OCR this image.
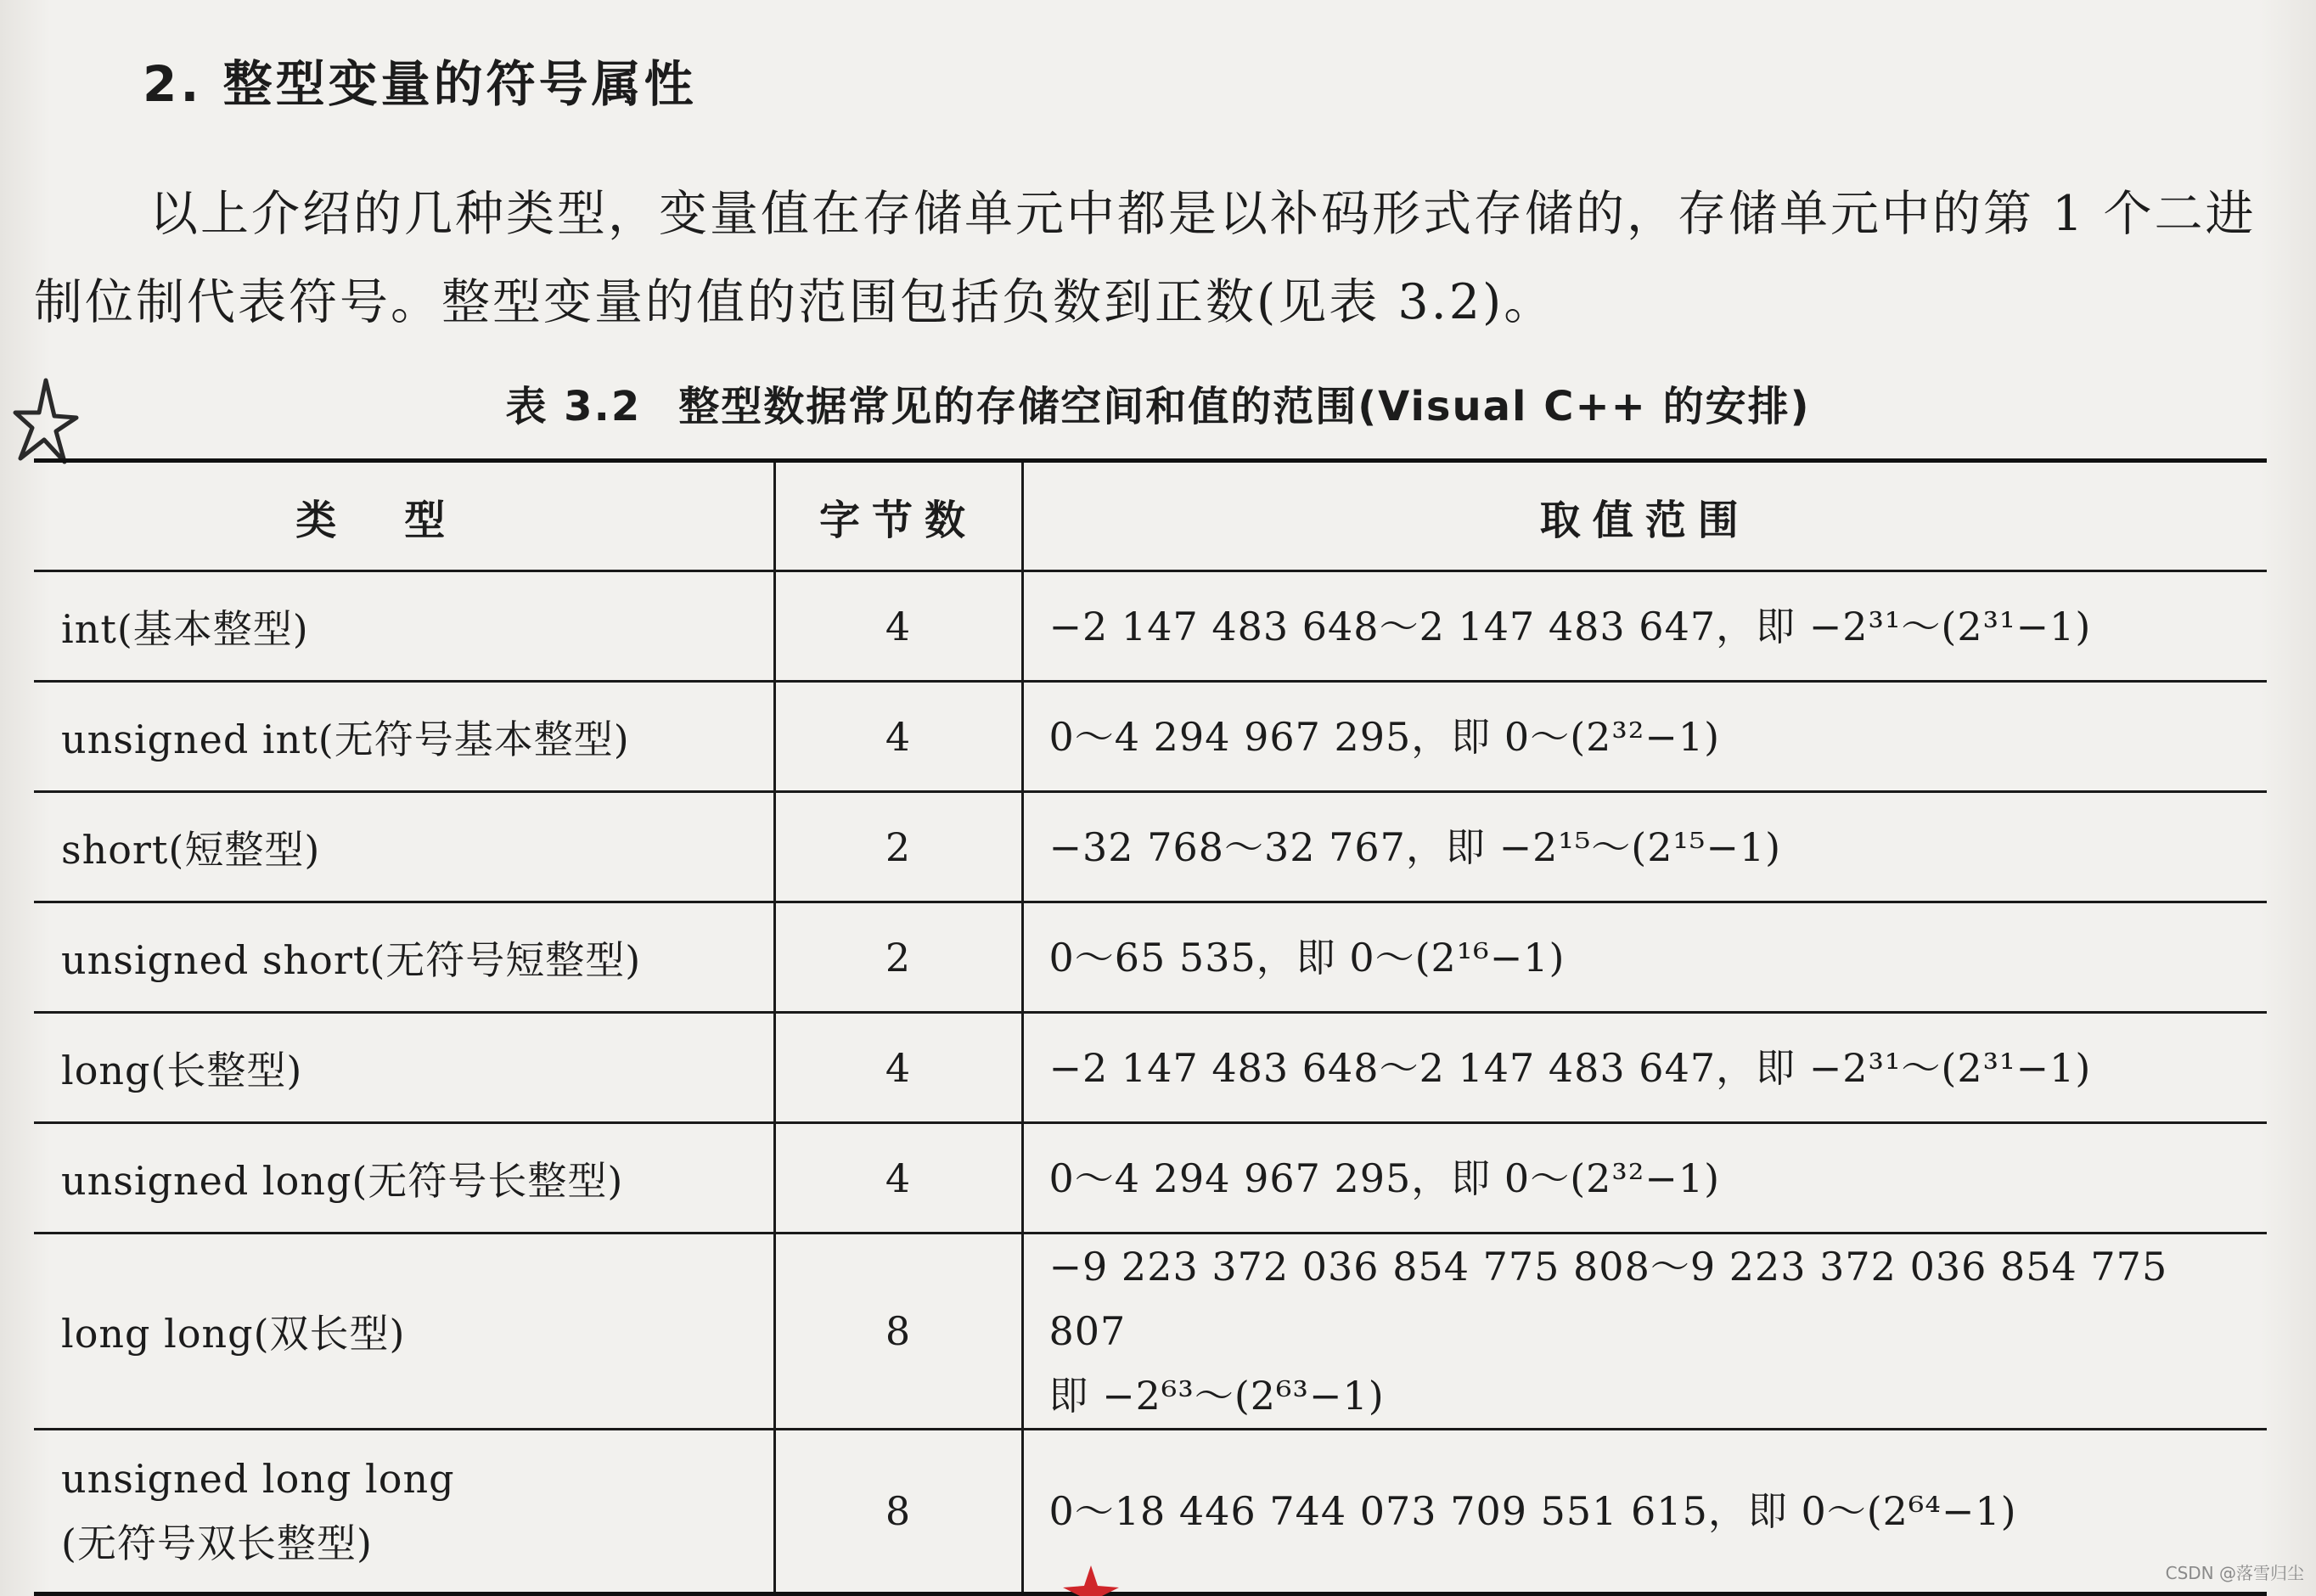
2. 整型变量的符号属性
以上介绍的几种类型，变量值在存储单元中都是以补码形式存储的，存储单元中的第 1 个二进制位制代表符号。整型变量的值的范围包括负数到正数(见表 3.2)。
表 3.2 整型数据常见的存储空间和值的范围(Visual C++ 的安排)
类型	字节数	取值范围
int(基本整型)	4	−2 147 483 648～2 147 483 647，即 −2³¹～(2³¹−1)
unsigned int(无符号基本整型)	4	0～4 294 967 295，即 0～(2³²−1)
short(短整型)	2	−32 768～32 767，即 −2¹⁵～(2¹⁵−1)
unsigned short(无符号短整型)	2	0～65 535，即 0～(2¹⁶−1)
long(长整型)	4	−2 147 483 648～2 147 483 647，即 −2³¹～(2³¹−1)
unsigned long(无符号长整型)	4	0～4 294 967 295，即 0～(2³²−1)
long long(双长型)	8	−9 223 372 036 854 775 808～9 223 372 036 854 775 807
即 −2⁶³～(2⁶³−1)

unsigned long long
(无符号双长整型)	8	0～18 446 744 073 709 551 615，即 0～(2⁶⁴−1)
CSDN @落雪归尘
